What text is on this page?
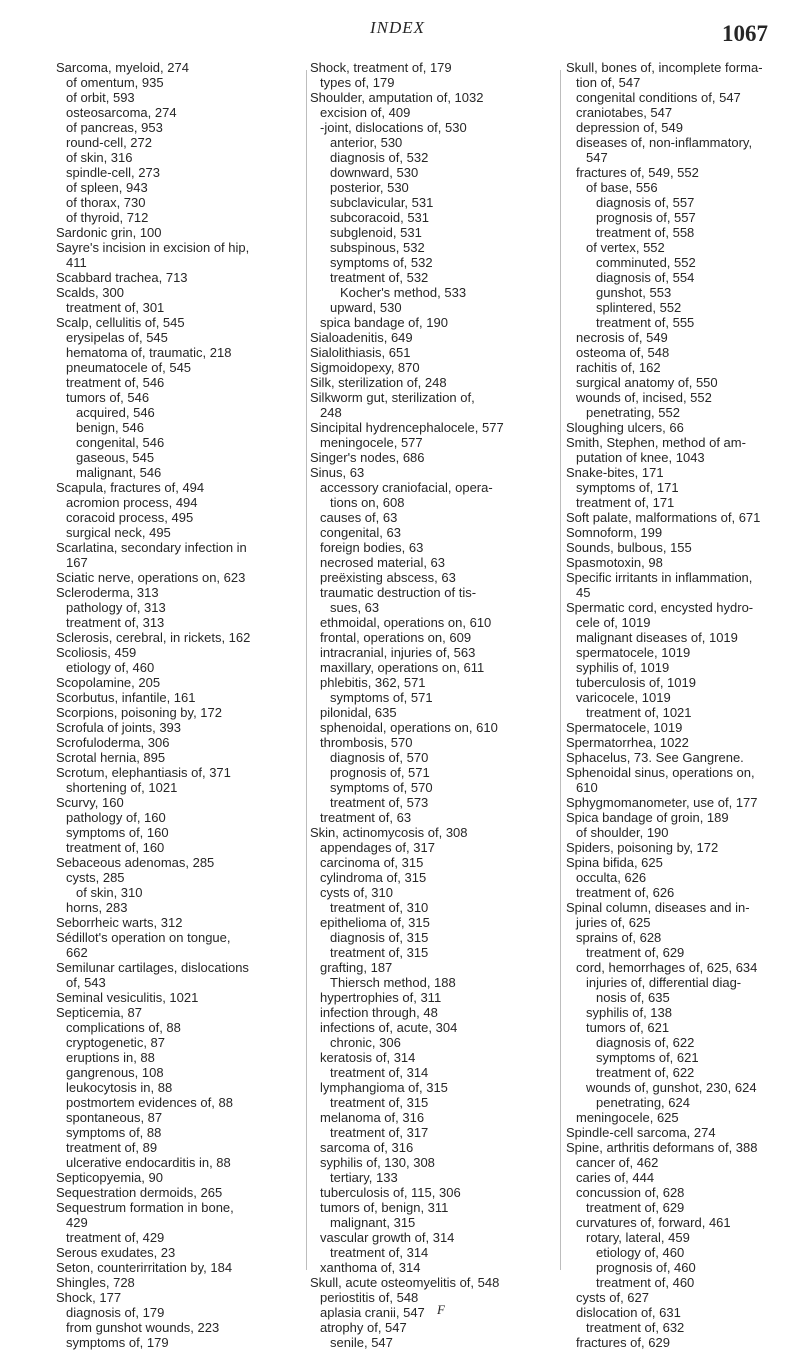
INDEX	1067
Sarcoma, myeloid, 274
of omentum, 935
of orbit, 593
osteosarcoma, 274
of pancreas, 953
round-cell, 272
of skin, 316
spindle-cell, 273
of spleen, 943
of thorax, 730
of thyroid, 712
Sardonic grin, 100
Sayre's incision in excision of hip,
411
Scabbard trachea, 713
Scalds, 300
treatment of, 301
Scalp, cellulitis of, 545
erysipelas of, 545
hematoma of, traumatic, 218
pneumatocele of, 545
treatment of, 546
tumors of, 546
acquired, 546
benign, 546
congenital, 546
gaseous, 545
malignant, 546
Scapula, fractures of, 494
acromion process, 494
coracoid process, 495
surgical neck, 495
Scarlatina, secondary infection in
167
Sciatic nerve, operations on, 623
Scleroderma, 313
pathology of, 313
treatment of, 313
Sclerosis, cerebral, in rickets, 162
Scoliosis, 459
etiology of, 460
Scopolamine, 205
Scorbutus, infantile, 161
Scorpions, poisoning by, 172
Scrofula of joints, 393
Scrofuloderma, 306
Scrotal hernia, 895
Scrotum, elephantiasis of, 371
shortening of, 1021
Scurvy, 160
pathology of, 160
symptoms of, 160
treatment of, 160
Sebaceous adenomas, 285
cysts, 285
of skin, 310
horns, 283
Seborrheic warts, 312
Sédillot's operation on tongue,
662
Semilunar cartilages, dislocations
of, 543
Seminal vesiculitis, 1021
Septicemia, 87
complications of, 88
cryptogenetic, 87
eruptions in, 88
gangrenous, 108
leukocytosis in, 88
postmortem evidences of, 88
spontaneous, 87
symptoms of, 88
treatment of, 89
ulcerative endocarditis in, 88
Septicopyemia, 90
Sequestration dermoids, 265
Sequestrum formation in bone,
429
treatment of, 429
Serous exudates, 23
Seton, counterirritation by, 184
Shingles, 728
Shock, 177
diagnosis of, 179
from gunshot wounds, 223
symptoms of, 179
Shock, treatment of, 179
types of, 179
Shoulder, amputation of, 1032
excision of, 409
-joint, dislocations of, 530
anterior, 530
diagnosis of, 532
downward, 530
posterior, 530
subclavicular, 531
subcoracoid, 531
subglenoid, 531
subspinous, 532
symptoms of, 532
treatment of, 532
Kocher's method, 533
upward, 530
spica bandage of, 190
Sialoadenitis, 649
Sialolithiasis, 651
Sigmoidopexy, 870
Silk, sterilization of, 248
Silkworm gut, sterilization of,
248
Sincipital hydrencephalocele, 577
meningocele, 577
Singer's nodes, 686
Sinus, 63
accessory craniofacial, opera-
tions on, 608
causes of, 63
congenital, 63
foreign bodies, 63
necrosed material, 63
preëxisting abscess, 63
traumatic destruction of tis-
sues, 63
ethmoidal, operations on, 610
frontal, operations on, 609
intracranial, injuries of, 563
maxillary, operations on, 611
phlebitis, 362, 571
symptoms of, 571
pilonidal, 635
sphenoidal, operations on, 610
thrombosis, 570
diagnosis of, 570
prognosis of, 571
symptoms of, 570
treatment of, 573
treatment of, 63
Skin, actinomycosis of, 308
appendages of, 317
carcinoma of, 315
cylindroma of, 315
cysts of, 310
treatment of, 310
epithelioma of, 315
diagnosis of, 315
treatment of, 315
grafting, 187
Thiersch method, 188
hypertrophies of, 311
infection through, 48
infections of, acute, 304
chronic, 306
keratosis of, 314
treatment of, 314
lymphangioma of, 315
treatment of, 315
melanoma of, 316
treatment of, 317
sarcoma of, 316
syphilis of, 130, 308
tertiary, 133
tuberculosis of, 115, 306
tumors of, benign, 311
malignant, 315
vascular growth of, 314
treatment of, 314
xanthoma of, 314
Skull, acute osteomyelitis of, 548
periostitis of, 548
aplasia cranii, 547
atrophy of, 547
senile, 547
Skull, bones of, incomplete forma-
tion of, 547
congenital conditions of, 547
craniotabes, 547
depression of, 549
diseases of, non-inflammatory,
547
fractures of, 549, 552
of base, 556
diagnosis of, 557
prognosis of, 557
treatment of, 558
of vertex, 552
comminuted, 552
diagnosis of, 554
gunshot, 553
splintered, 552
treatment of, 555
necrosis of, 549
osteoma of, 548
rachitis of, 162
surgical anatomy of, 550
wounds of, incised, 552
penetrating, 552
Sloughing ulcers, 66
Smith, Stephen, method of am-
putation of knee, 1043
Snake-bites, 171
symptoms of, 171
treatment of, 171
Soft palate, malformations of, 671
Somnoform, 199
Sounds, bulbous, 155
Spasmotoxin, 98
Specific irritants in inflammation,
45
Spermatic cord, encysted hydro-
cele of, 1019
malignant diseases of, 1019
spermatocele, 1019
syphilis of, 1019
tuberculosis of, 1019
varicocele, 1019
treatment of, 1021
Spermatocele, 1019
Spermatorrhea, 1022
Sphacelus, 73. See Gangrene.
Sphenoidal sinus, operations on,
610
Sphygmomanometer, use of, 177
Spica bandage of groin, 189
of shoulder, 190
Spiders, poisoning by, 172
Spina bifida, 625
occulta, 626
treatment of, 626
Spinal column, diseases and in-
juries of, 625
sprains of, 628
treatment of, 629
cord, hemorrhages of, 625, 634
injuries of, differential diag-
nosis of, 635
syphilis of, 138
tumors of, 621
diagnosis of, 622
symptoms of, 621
treatment of, 622
wounds of, gunshot, 230, 624
penetrating, 624
meningocele, 625
Spindle-cell sarcoma, 274
Spine, arthritis deformans of, 388
cancer of, 462
caries of, 444
concussion of, 628
treatment of, 629
curvatures of, forward, 461
rotary, lateral, 459
etiology of, 460
prognosis of, 460
treatment of, 460
cysts of, 627
dislocation of, 631
treatment of, 632
fractures of, 629
F
